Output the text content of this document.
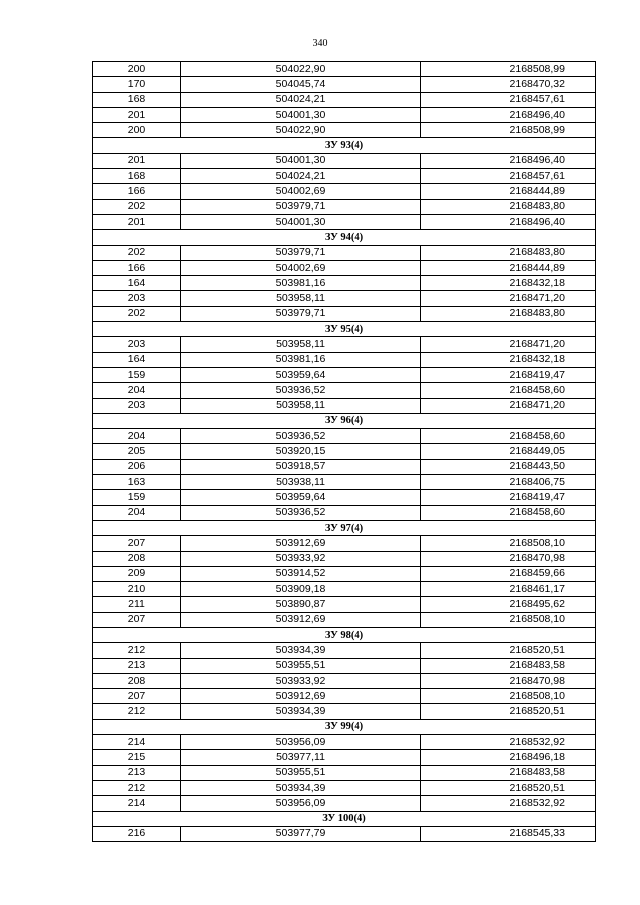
340
200	504022,90	2168508,99
170	504045,74	2168470,32
168	504024,21	2168457,61
201	504001,30	2168496,40
200	504022,90	2168508,99
ЗУ 93(4)		
201	504001,30	2168496,40
168	504024,21	2168457,61
166	504002,69	2168444,89
202	503979,71	2168483,80
201	504001,30	2168496,40
ЗУ 94(4)		
202	503979,71	2168483,80
166	504002,69	2168444,89
164	503981,16	2168432,18
203	503958,11	2168471,20
202	503979,71	2168483,80
ЗУ 95(4)		
203	503958,11	2168471,20
164	503981,16	2168432,18
159	503959,64	2168419,47
204	503936,52	2168458,60
203	503958,11	2168471,20
ЗУ 96(4)		
204	503936,52	2168458,60
205	503920,15	2168449,05
206	503918,57	2168443,50
163	503938,11	2168406,75
159	503959,64	2168419,47
204	503936,52	2168458,60
ЗУ 97(4)		
207	503912,69	2168508,10
208	503933,92	2168470,98
209	503914,52	2168459,66
210	503909,18	2168461,17
211	503890,87	2168495,62
207	503912,69	2168508,10
ЗУ 98(4)		
212	503934,39	2168520,51
213	503955,51	2168483,58
208	503933,92	2168470,98
207	503912,69	2168508,10
212	503934,39	2168520,51
ЗУ 99(4)		
214	503956,09	2168532,92
215	503977,11	2168496,18
213	503955,51	2168483,58
212	503934,39	2168520,51
214	503956,09	2168532,92
ЗУ 100(4)		
216	503977,79	2168545,33
